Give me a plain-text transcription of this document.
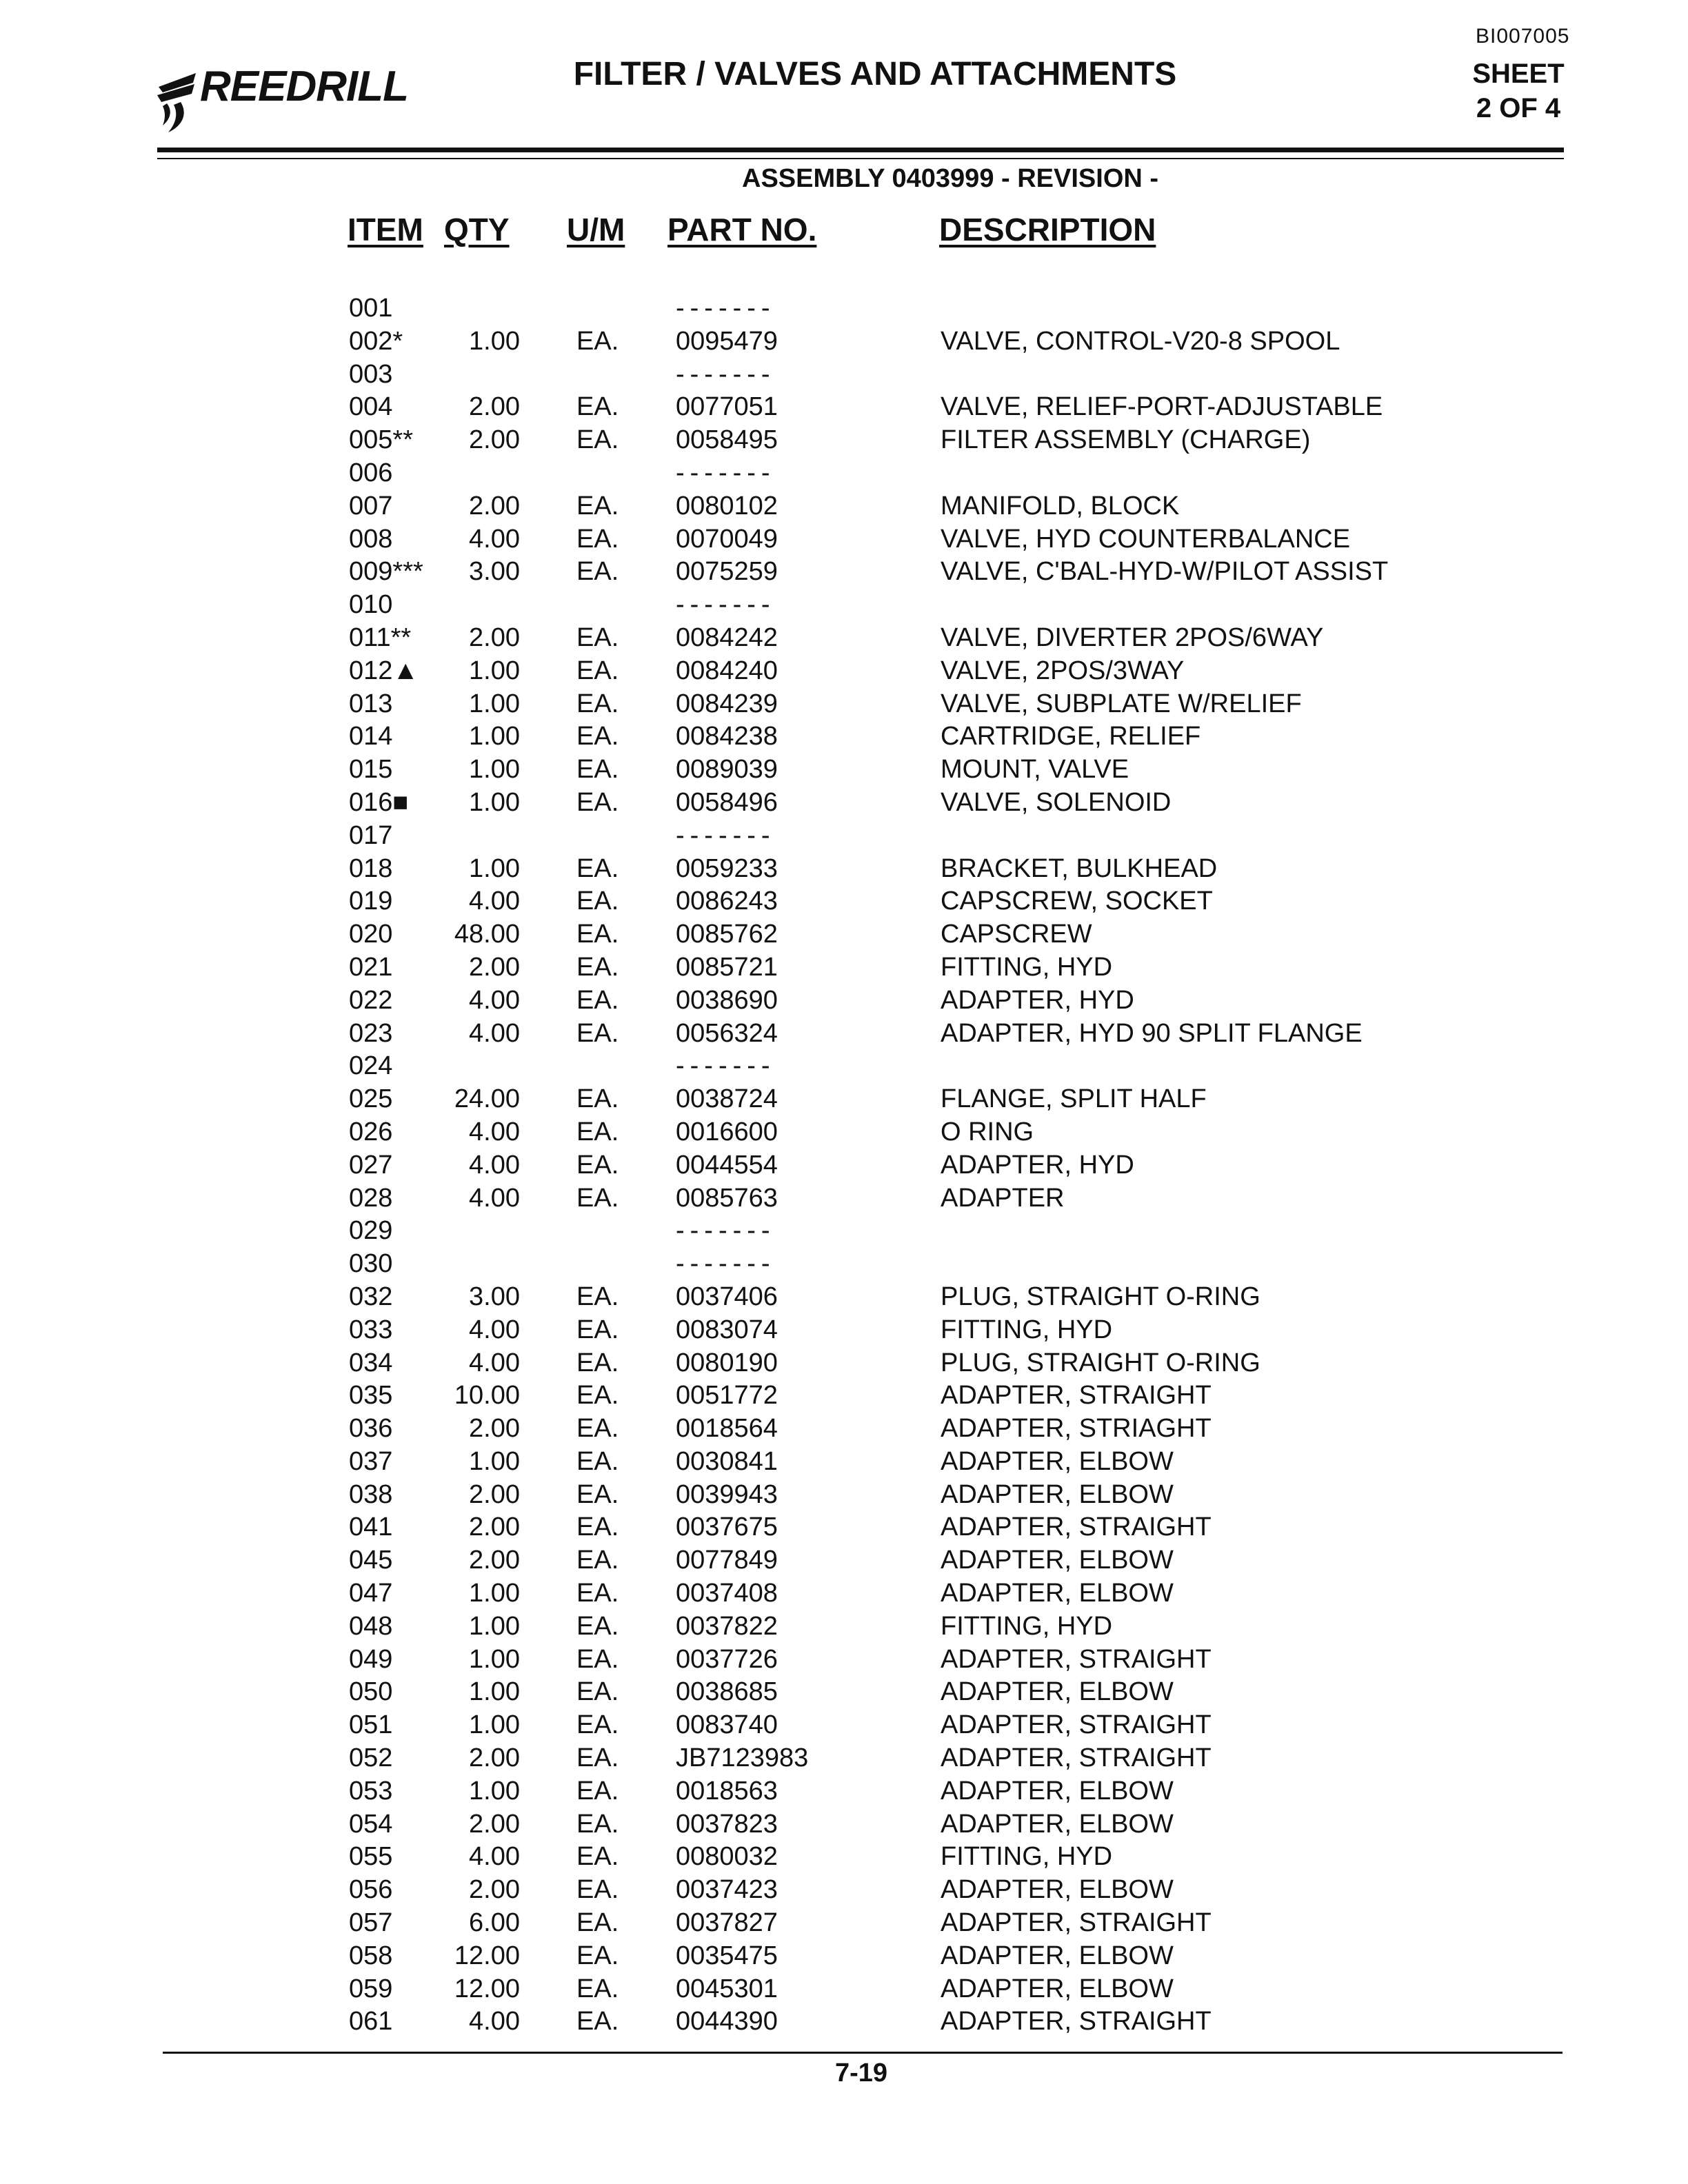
BI007005
REEDRILL	FILTER / VALVES AND ATTACHMENTS	SHEET
2 OF 4
ASSEMBLY 0403999 - REVISION -
ITEM QTY U/M PART NO.	DESCRIPTION
001	-------
002*	1.00 EA. 0095479	VALVE, CONTROL-V20-8 SPOOL
003	-------
004	2.00 EA. 0077051	VALVE, RELIEF-PORT-ADJUSTABLE
005**	2.00 EA. 0058495	FILTER ASSEMBLY (CHARGE)
006	-------
007	2.00 EA. 0080102	MANIFOLD, BLOCK
008	4.00 EA. 0070049	VALVE, HYD COUNTERBALANCE
009***	3.00 EA. 0075259	VALVE, C'BAL-HYD-W/PILOT ASSIST
010	-------
011**	2.00 EA. 0084242	VALVE, DIVERTER 2POS/6WAY
012▲	1.00 EA. 0084240	VALVE, 2POS/3WAY
013	1.00 EA. 0084239	VALVE, SUBPLATE W/RELIEF
014	1.00 EA. 0084238	CARTRIDGE, RELIEF
015	1.00 EA. 0089039	MOUNT, VALVE
016■	1.00 EA. 0058496	VALVE, SOLENOID
017	-------
018	1.00 EA. 0059233	BRACKET, BULKHEAD
019	4.00 EA. 0086243	CAPSCREW, SOCKET
020	48.00 EA. 0085762	CAPSCREW
021	2.00 EA. 0085721	FITTING, HYD
022	4.00 EA. 0038690	ADAPTER, HYD
023	4.00 EA. 0056324	ADAPTER, HYD 90 SPLIT FLANGE
024	-------
025	24.00 EA. 0038724	FLANGE, SPLIT HALF
026	4.00 EA. 0016600	O RING
027	4.00 EA. 0044554	ADAPTER, HYD
028	4.00 EA. 0085763	ADAPTER
029	-------
030	-------
032	3.00 EA. 0037406	PLUG, STRAIGHT O-RING
033	4.00 EA. 0083074	FITTING, HYD
034	4.00 EA. 0080190	PLUG, STRAIGHT O-RING
035	10.00 EA. 0051772	ADAPTER, STRAIGHT
036	2.00 EA. 0018564	ADAPTER, STRIAGHT
037	1.00 EA. 0030841	ADAPTER, ELBOW
038	2.00 EA. 0039943	ADAPTER, ELBOW
041	2.00 EA. 0037675	ADAPTER, STRAIGHT
045	2.00 EA. 0077849	ADAPTER, ELBOW
047	1.00 EA. 0037408	ADAPTER, ELBOW
048	1.00 EA. 0037822	FITTING, HYD
049	1.00 EA. 0037726	ADAPTER, STRAIGHT
050	1.00 EA. 0038685	ADAPTER, ELBOW
051	1.00 EA. 0083740	ADAPTER, STRAIGHT
052	2.00 EA. JB7123983	ADAPTER, STRAIGHT
053	1.00 EA. 0018563	ADAPTER, ELBOW
054	2.00 EA. 0037823	ADAPTER, ELBOW
055	4.00 EA. 0080032	FITTING, HYD
056	2.00 EA. 0037423	ADAPTER, ELBOW
057	6.00 EA. 0037827	ADAPTER, STRAIGHT
058	12.00 EA. 0035475	ADAPTER, ELBOW
059	12.00 EA. 0045301	ADAPTER, ELBOW
061	4.00 EA. 0044390	ADAPTER, STRAIGHT
7-19
